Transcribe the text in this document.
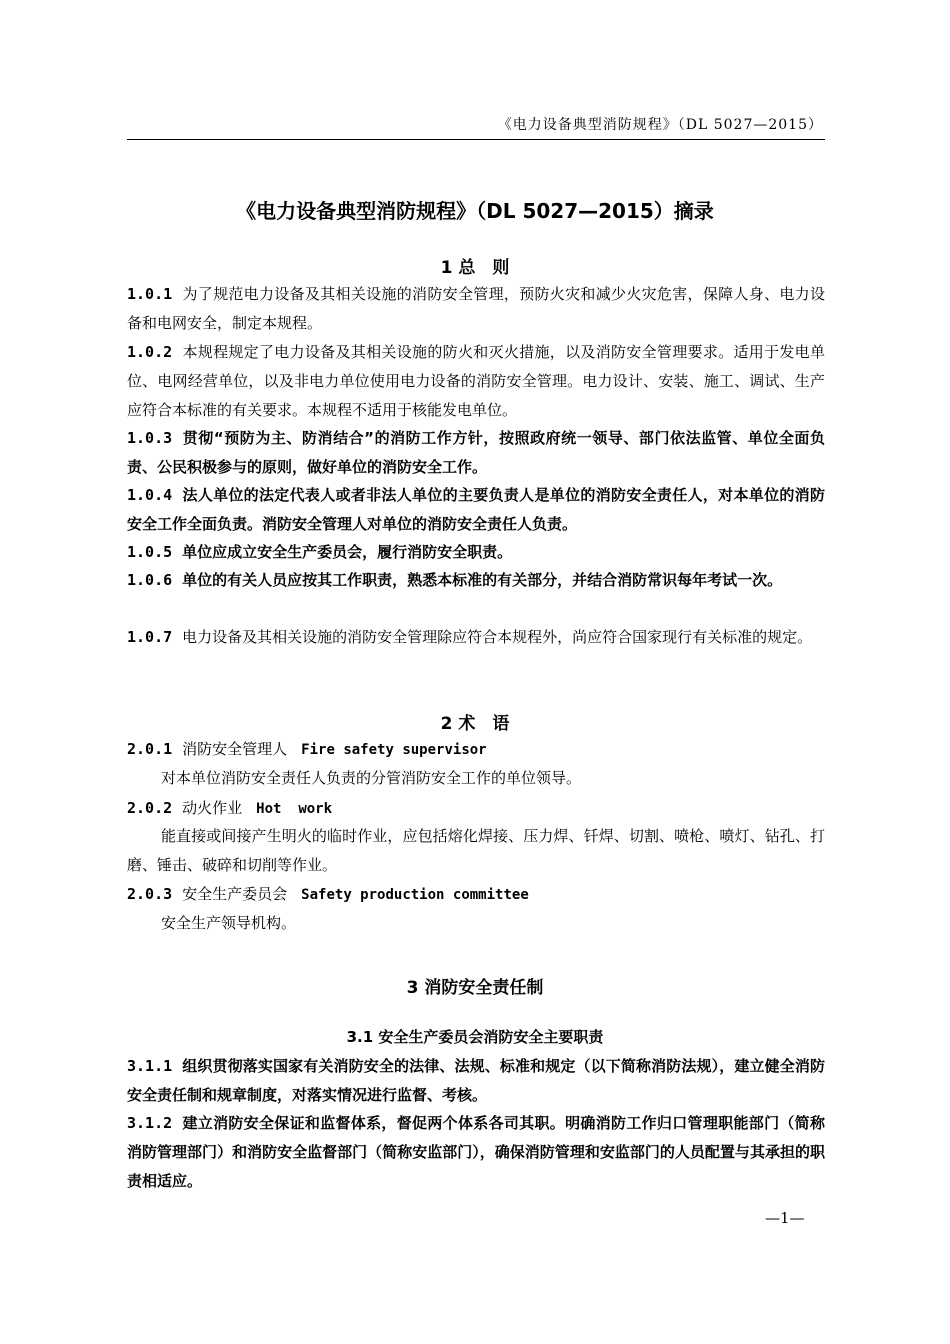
《电力设备典型消防规程》（DL 5027—2015）
《电力设备典型消防规程》（DL 5027—2015）摘录
1 总　则
1.0.1 为了规范电力设备及其相关设施的消防安全管理，预防火灾和减少火灾危害，保障人身、电力设备和电网安全，制定本规程。
1.0.2 本规程规定了电力设备及其相关设施的防火和灭火措施，以及消防安全管理要求。适用于发电单位、电网经营单位，以及非电力单位使用电力设备的消防安全管理。电力设计、安装、施工、调试、生产应符合本标准的有关要求。本规程不适用于核能发电单位。
1.0.3 贯彻“预防为主、防消结合”的消防工作方针，按照政府统一领导、部门依法监管、单位全面负责、公民积极参与的原则，做好单位的消防安全工作。
1.0.4 法人单位的法定代表人或者非法人单位的主要负责人是单位的消防安全责任人，对本单位的消防安全工作全面负责。消防安全管理人对单位的消防安全责任人负责。
1.0.5 单位应成立安全生产委员会，履行消防安全职责。
1.0.6 单位的有关人员应按其工作职责，熟悉本标准的有关部分，并结合消防常识每年考试一次。
1.0.7 电力设备及其相关设施的消防安全管理除应符合本规程外，尚应符合国家现行有关标准的规定。
2 术　语
2.0.1 消防安全管理人 Fire safety supervisor
对本单位消防安全责任人负责的分管消防安全工作的单位领导。
2.0.2 动火作业 Hot  work
能直接或间接产生明火的临时作业，应包括熔化焊接、压力焊、钎焊、切割、喷枪、喷灯、钻孔、打磨、锤击、破碎和切削等作业。
2.0.3 安全生产委员会 Safety production committee
安全生产领导机构。
3 消防安全责任制
3.1 安全生产委员会消防安全主要职责
3.1.1 组织贯彻落实国家有关消防安全的法律、法规、标准和规定（以下简称消防法规），建立健全消防安全责任制和规章制度，对落实情况进行监督、考核。
3.1.2 建立消防安全保证和监督体系，督促两个体系各司其职。明确消防工作归口管理职能部门（简称消防管理部门）和消防安全监督部门（简称安监部门），确保消防管理和安监部门的人员配置与其承担的职责相适应。
—1—
